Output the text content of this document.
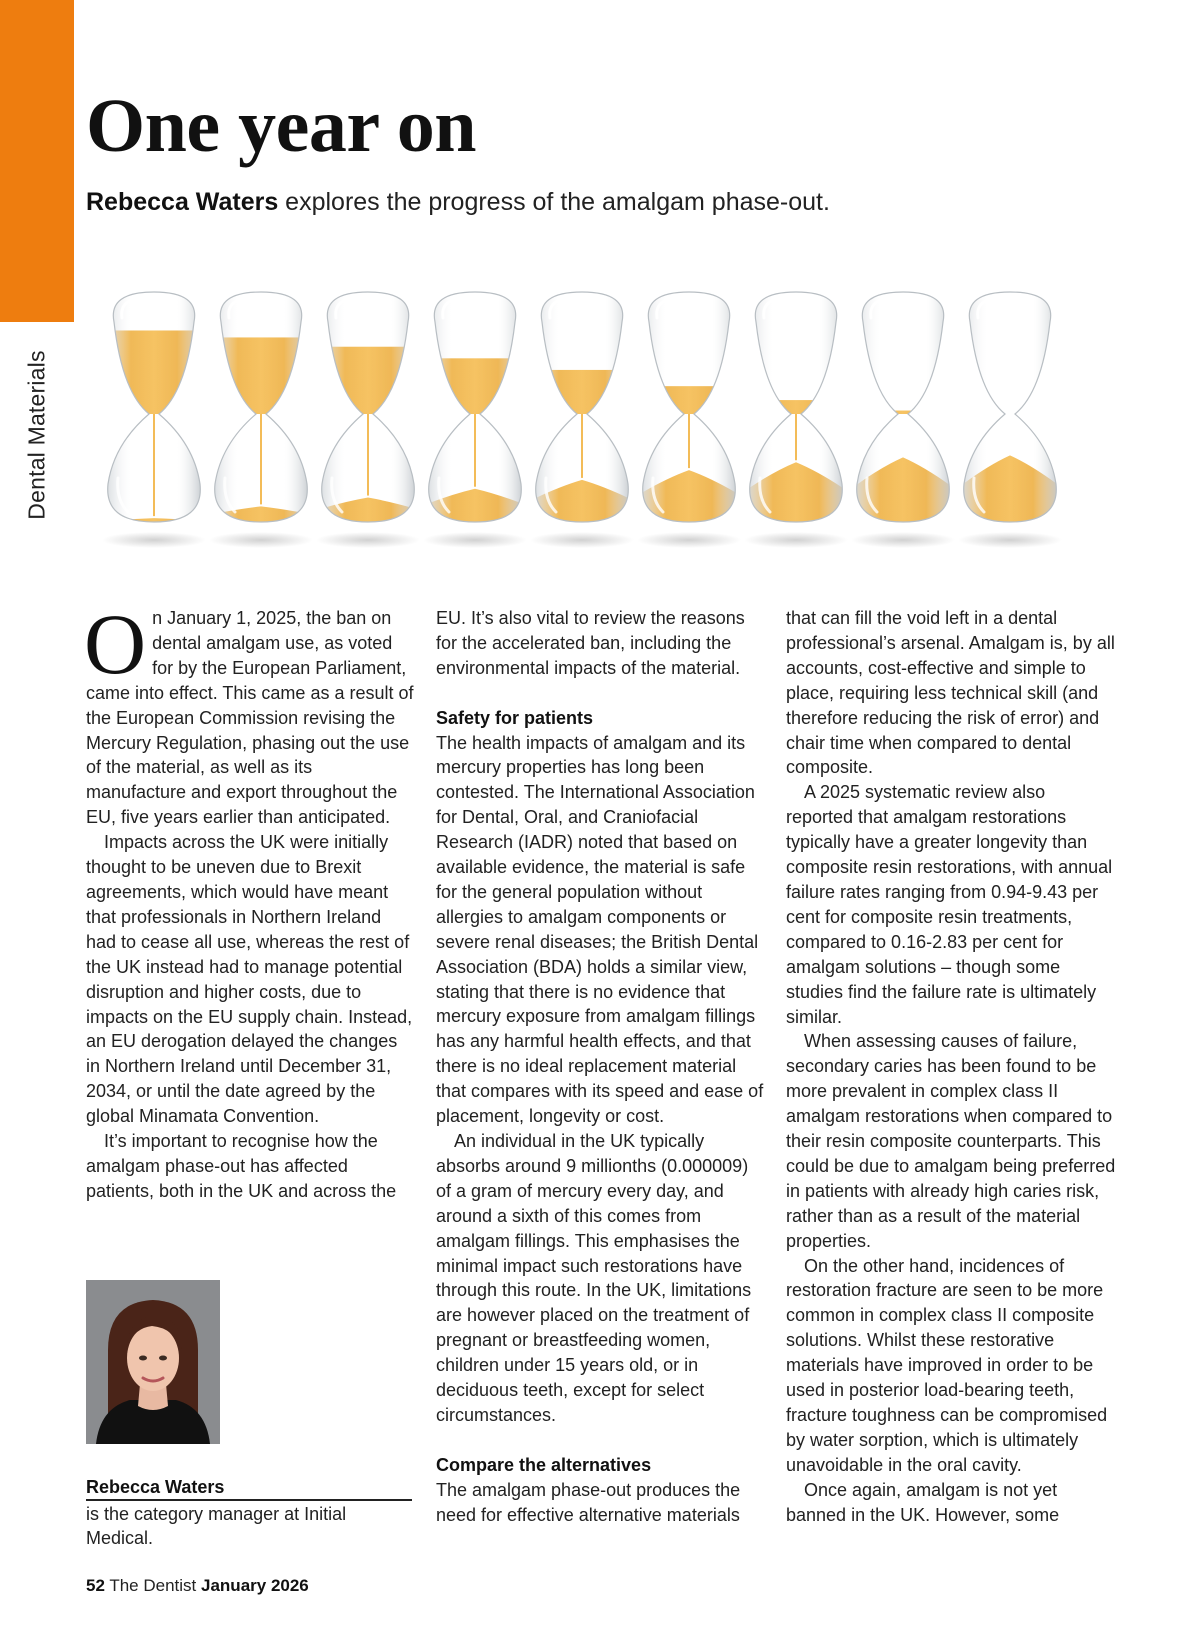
Dental Materials
One year on

Rebecca Waters explores the progress of the amalgam phase-out.

O n January 1, 2025, the ban on dental amalgam use, as voted for by the European Parliament, came into effect. This came as a result of the European Commission revising the Mercury Regulation, phasing out the use of the material, as well as its manufacture and export throughout the EU, five years earlier than anticipated.

Impacts across the UK were initially thought to be uneven due to Brexit agreements, which would have meant that professionals in Northern Ireland had to cease all use, whereas the rest of the UK instead had to manage potential disruption and higher costs, due to impacts on the EU supply chain. Instead, an EU derogation delayed the changes in Northern Ireland until December 31, 2034, or until the date agreed by the global Minamata Convention.

It’s important to recognise how the amalgam phase-out has affected patients, both in the UK and across the

EU. It’s also vital to review the reasons for the accelerated ban, including the environmental impacts of the material.

Safety for patients

The health impacts of amalgam and its mercury properties has long been contested. The International Association for Dental, Oral, and Craniofacial Research (IADR) noted that based on available evidence, the material is safe for the general population without allergies to amalgam components or severe renal diseases; the British Dental Association (BDA) holds a similar view, stating that there is no evidence that mercury exposure from amalgam fillings has any harmful health effects, and that there is no ideal replacement material that compares with its speed and ease of placement, longevity or cost.

An individual in the UK typically absorbs around 9 millionths (0.000009) of a gram of mercury every day, and around a sixth of this comes from amalgam fillings. This emphasises the minimal impact such restorations have through this route. In the UK, limitations are however placed on the treatment of pregnant or breastfeeding women, children under 15 years old, or in deciduous teeth, except for select circumstances.

Compare the alternatives

The amalgam phase-out produces the need for effective alternative materials

that can fill the void left in a dental professional’s arsenal. Amalgam is, by all accounts, cost-effective and simple to place, requiring less technical skill (and therefore reducing the risk of error) and chair time when compared to dental composite.

A 2025 systematic review also reported that amalgam restorations typically have a greater longevity than composite resin restorations, with annual failure rates ranging from 0.94-9.43 per cent for composite resin treatments, compared to 0.16-2.83 per cent for amalgam solutions – though some studies find the failure rate is ultimately similar.

When assessing causes of failure, secondary caries has been found to be more prevalent in complex class II amalgam restorations when compared to their resin composite counterparts. This could be due to amalgam being preferred in patients with already high caries risk, rather than as a result of the material properties.

On the other hand, incidences of restoration fracture are seen to be more common in complex class II composite solutions. Whilst these restorative materials have improved in order to be used in posterior load-bearing teeth, fracture toughness can be compromised by water sorption, which is ultimately unavoidable in the oral cavity.

Once again, amalgam is not yet banned in the UK. However, some

Rebecca Waters
is the category manager at Initial Medical.
52 The Dentist January 2026
